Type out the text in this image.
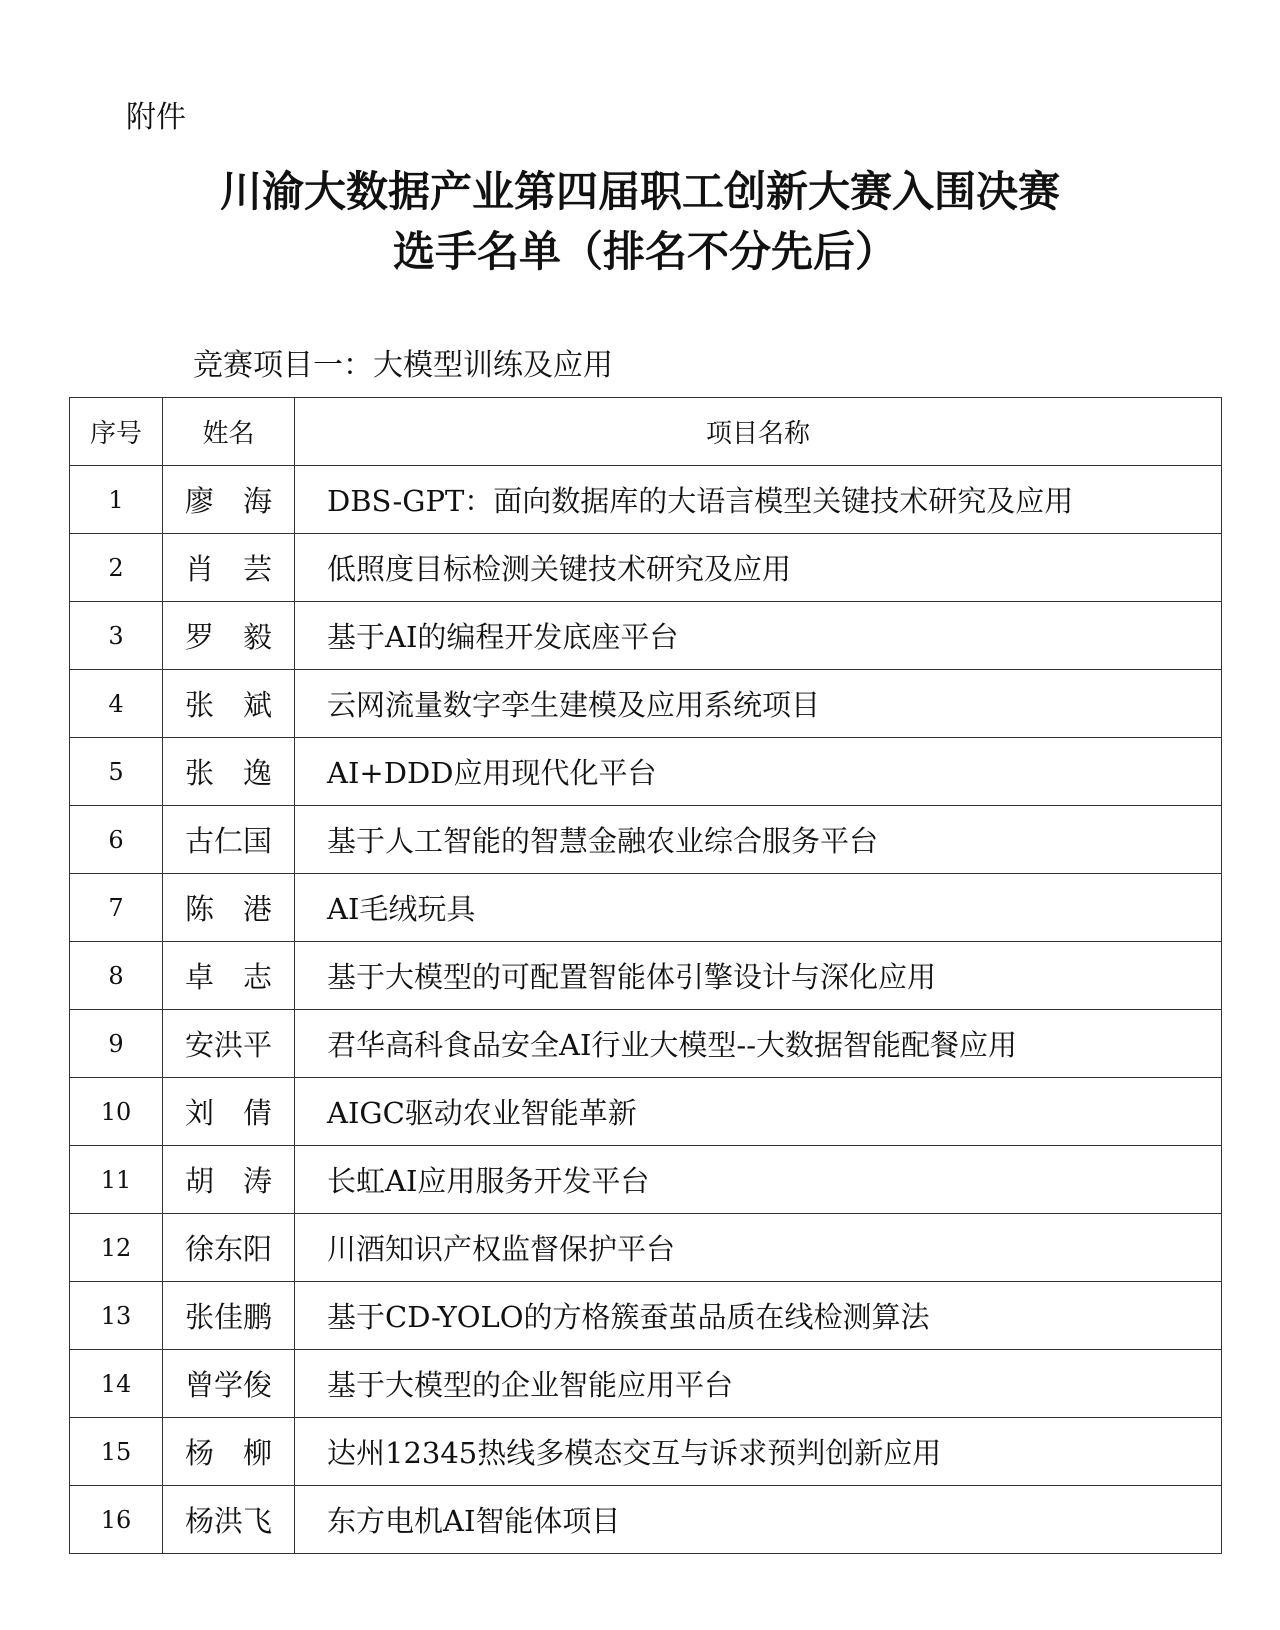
附件
川渝大数据产业第四届职工创新大赛入围决赛
选手名单（排名不分先后）
竞赛项目一：大模型训练及应用
序号	姓名	项目名称
1	廖　海	DBS-GPT：面向数据库的大语言模型关键技术研究及应用
2	肖　芸	低照度目标检测关键技术研究及应用
3	罗　毅	基于AI的编程开发底座平台
4	张　斌	云网流量数字孪生建模及应用系统项目
5	张　逸	AI+DDD应用现代化平台
6	古仁国	基于人工智能的智慧金融农业综合服务平台
7	陈　港	AI毛绒玩具
8	卓　志	基于大模型的可配置智能体引擎设计与深化应用
9	安洪平	君华高科食品安全AI行业大模型--大数据智能配餐应用
10	刘　倩	AIGC驱动农业智能革新
11	胡　涛	长虹AI应用服务开发平台
12	徐东阳	川酒知识产权监督保护平台
13	张佳鹏	基于CD-YOLO的方格簇蚕茧品质在线检测算法
14	曾学俊	基于大模型的企业智能应用平台
15	杨　柳	达州12345热线多模态交互与诉求预判创新应用
16	杨洪飞	东方电机AI智能体项目
